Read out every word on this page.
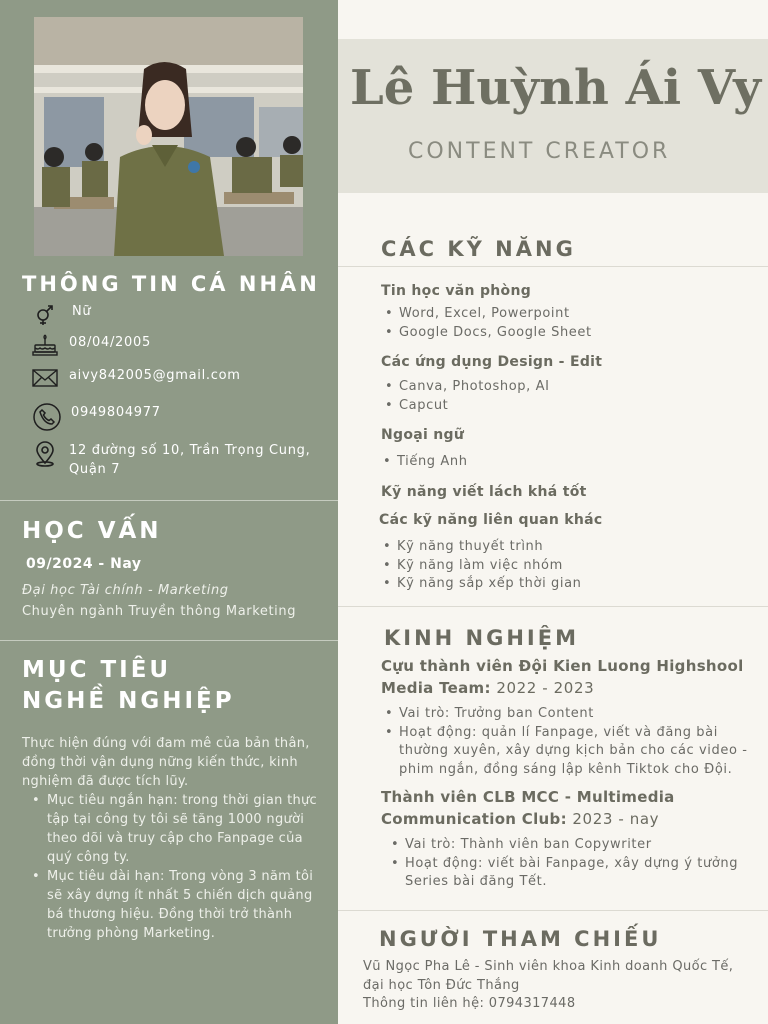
THÔNG TIN CÁ NHÂN
Nữ
08/04/2005
aivy842005@gmail.com
0949804977
12 đường số 10, Trần Trọng Cung,
Quận 7
HỌC VẤN
09/2024 - Nay
Đại học Tài chính - Marketing
Chuyên ngành Truyền thông Marketing
MỤC TIÊU
NGHỀ NGHIỆP
Thực hiện đúng với đam mê của bản thân, đồng thời vận dụng nững kiến thức, kinh nghiệm đã được tích lũy.
• Mục tiêu ngắn hạn: trong thời gian thực tập tại công ty tôi sẽ tăng 1000 người theo dõi và truy cập cho Fanpage của quý công ty.
• Mục tiêu dài hạn: Trong vòng 3 năm tôi sẽ xây dựng ít nhất 5 chiến dịch quảng bá thương hiệu. Đồng thời trở thành trưởng phòng Marketing.
Lê Huỳnh Ái Vy
CONTENT CREATOR
CÁC KỸ NĂNG
Tin học văn phòng
• Word, Excel, Powerpoint
• Google Docs, Google Sheet
Các ứng dụng Design - Edit
• Canva, Photoshop, AI
• Capcut
Ngoại ngữ
• Tiếng Anh
Kỹ năng viết lách khá tốt
Các kỹ năng liên quan khác
• Kỹ năng thuyết trình
• Kỹ năng làm việc nhóm
• Kỹ năng sắp xếp thời gian
KINH NGHIỆM
Cựu thành viên Đội Kien Luong Highshool
Media Team: 2022 - 2023
• Vai trò: Trưởng ban Content
• Hoạt động: quản lí Fanpage, viết và đăng bài thường xuyên, xây dựng kịch bản cho các video - phim ngắn, đồng sáng lập kênh Tiktok cho Đội.
Thành viên CLB MCC - Multimedia
Communication Club: 2023 - nay
• Vai trò: Thành viên ban Copywriter
• Hoạt động: viết bài Fanpage, xây dựng ý tưởng Series bài đăng Tết.
NGƯỜI THAM CHIẾU
Vũ Ngọc Pha Lê - Sinh viên khoa Kinh doanh Quốc Tế,
đại học Tôn Đức Thắng
Thông tin liên hệ: 0794317448
